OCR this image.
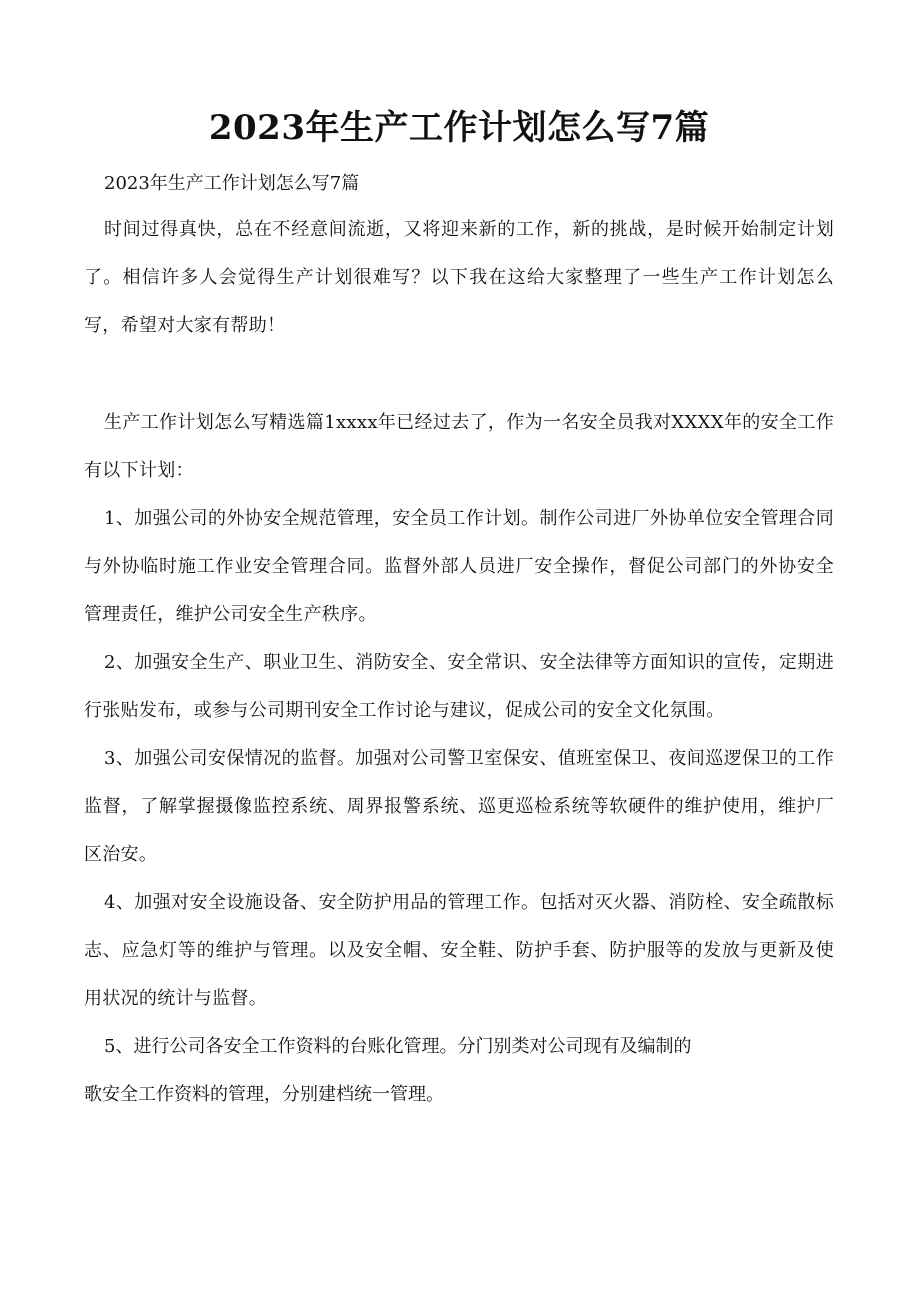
2023年生产工作计划怎么写7篇

2023年生产工作计划怎么写7篇

时间过得真快，总在不经意间流逝，又将迎来新的工作，新的挑战，是时候开始制定计划了。相信许多人会觉得生产计划很难写？以下我在这给大家整理了一些生产工作计划怎么写，希望对大家有帮助！

生产工作计划怎么写精选篇1xxxx年已经过去了，作为一名安全员我对XXXX年的安全工作有以下计划：

1、加强公司的外协安全规范管理，安全员工作计划。制作公司进厂外协单位安全管理合同与外协临时施工作业安全管理合同。监督外部人员进厂安全操作，督促公司部门的外协安全管理责任，维护公司安全生产秩序。

2、加强安全生产、职业卫生、消防安全、安全常识、安全法律等方面知识的宣传，定期进行张贴发布，或参与公司期刊安全工作讨论与建议，促成公司的安全文化氛围。

3、加强公司安保情况的监督。加强对公司警卫室保安、值班室保卫、夜间巡逻保卫的工作监督，了解掌握摄像监控系统、周界报警系统、巡更巡检系统等软硬件的维护使用，维护厂区治安。

4、加强对安全设施设备、安全防护用品的管理工作。包括对灭火器、消防栓、安全疏散标志、应急灯等的维护与管理。以及安全帽、安全鞋、防护手套、防护服等的发放与更新及使用状况的统计与监督。

5、进行公司各安全工作资料的台账化管理。分门别类对公司现有及编制的

歌安全工作资料的管理，分别建档统一管理。
